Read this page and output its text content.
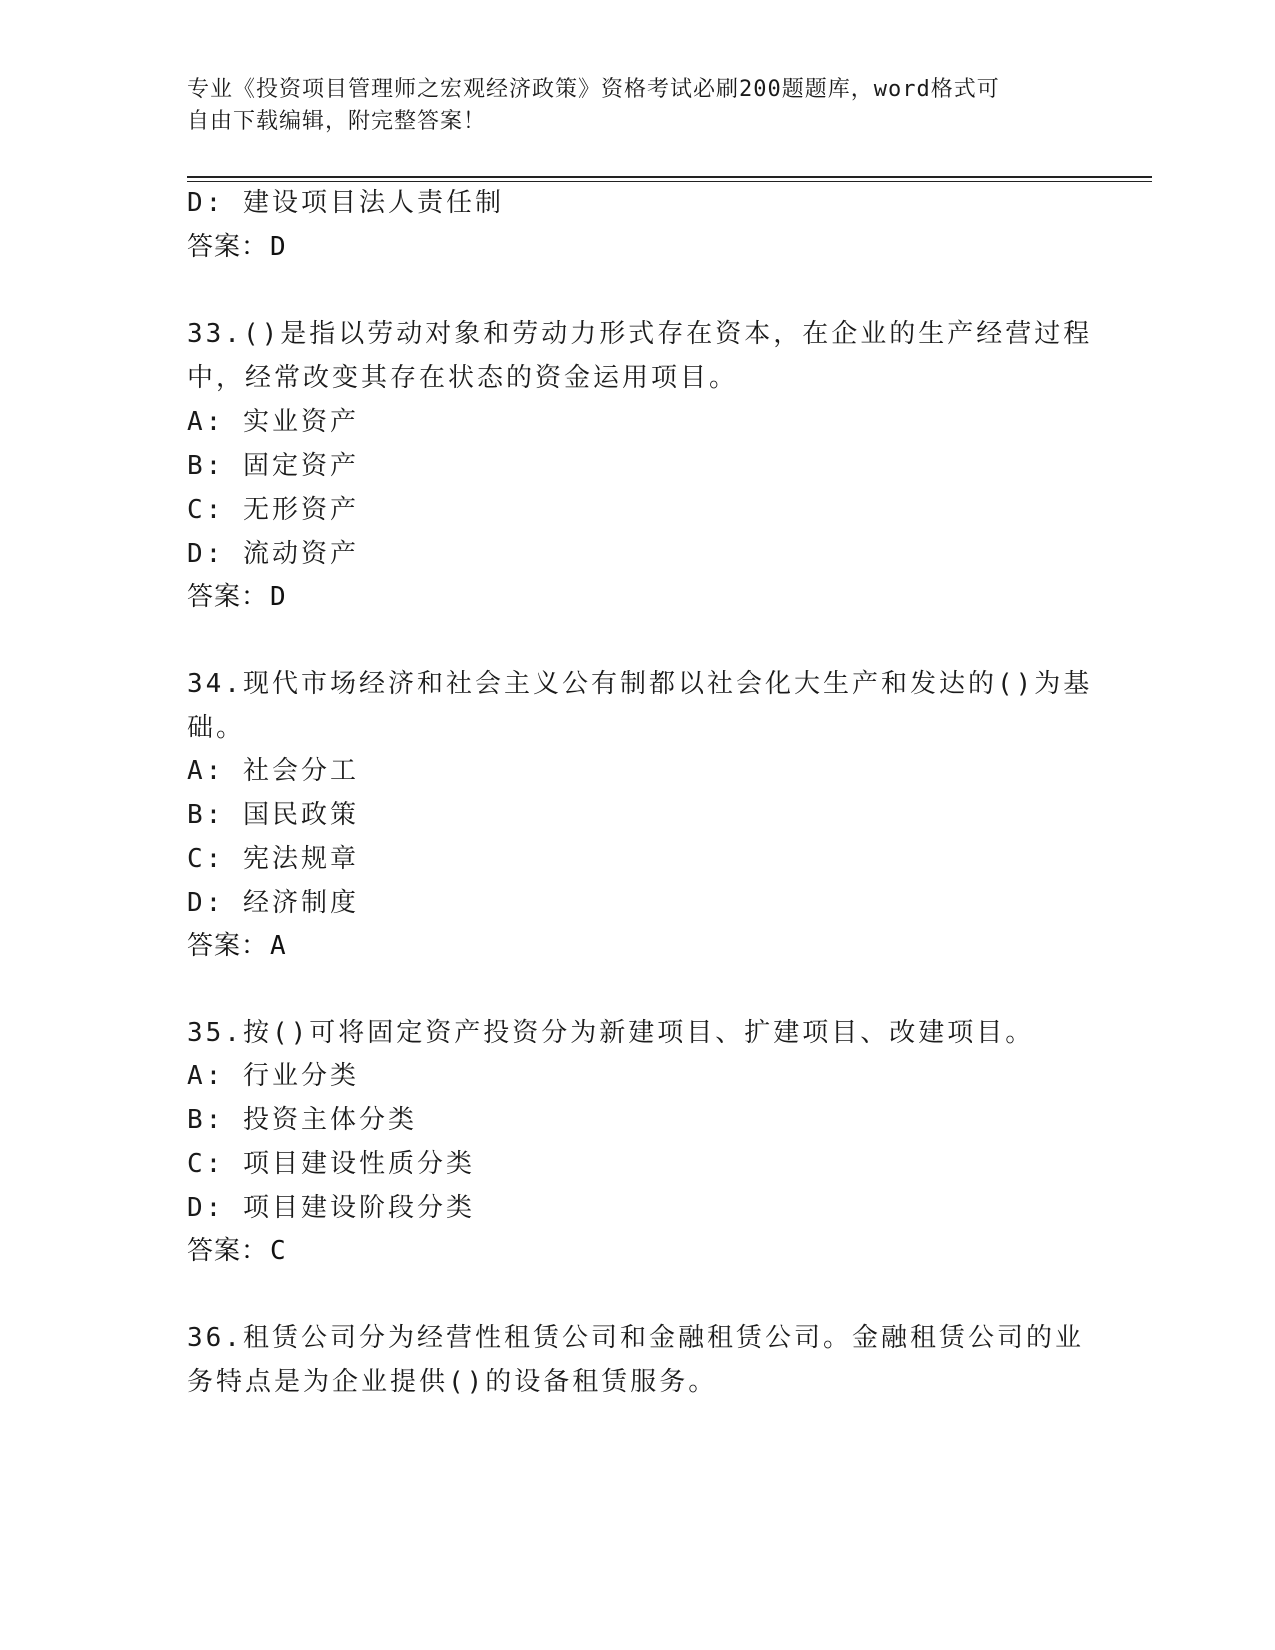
专业《投资项目管理师之宏观经济政策》资格考试必刷200题题库，word格式可
自由下载编辑，附完整答案！
D: 建设项目法人责任制
答案：D
33.()是指以劳动对象和劳动力形式存在资本，在企业的生产经营过程
中，经常改变其存在状态的资金运用项目。
A: 实业资产
B: 固定资产
C: 无形资产
D: 流动资产
答案：D
34.现代市场经济和社会主义公有制都以社会化大生产和发达的()为基
础。
A: 社会分工
B: 国民政策
C: 宪法规章
D: 经济制度
答案：A
35.按()可将固定资产投资分为新建项目、扩建项目、改建项目。
A: 行业分类
B: 投资主体分类
C: 项目建设性质分类
D: 项目建设阶段分类
答案：C
36.租赁公司分为经营性租赁公司和金融租赁公司。金融租赁公司的业
务特点是为企业提供()的设备租赁服务。
